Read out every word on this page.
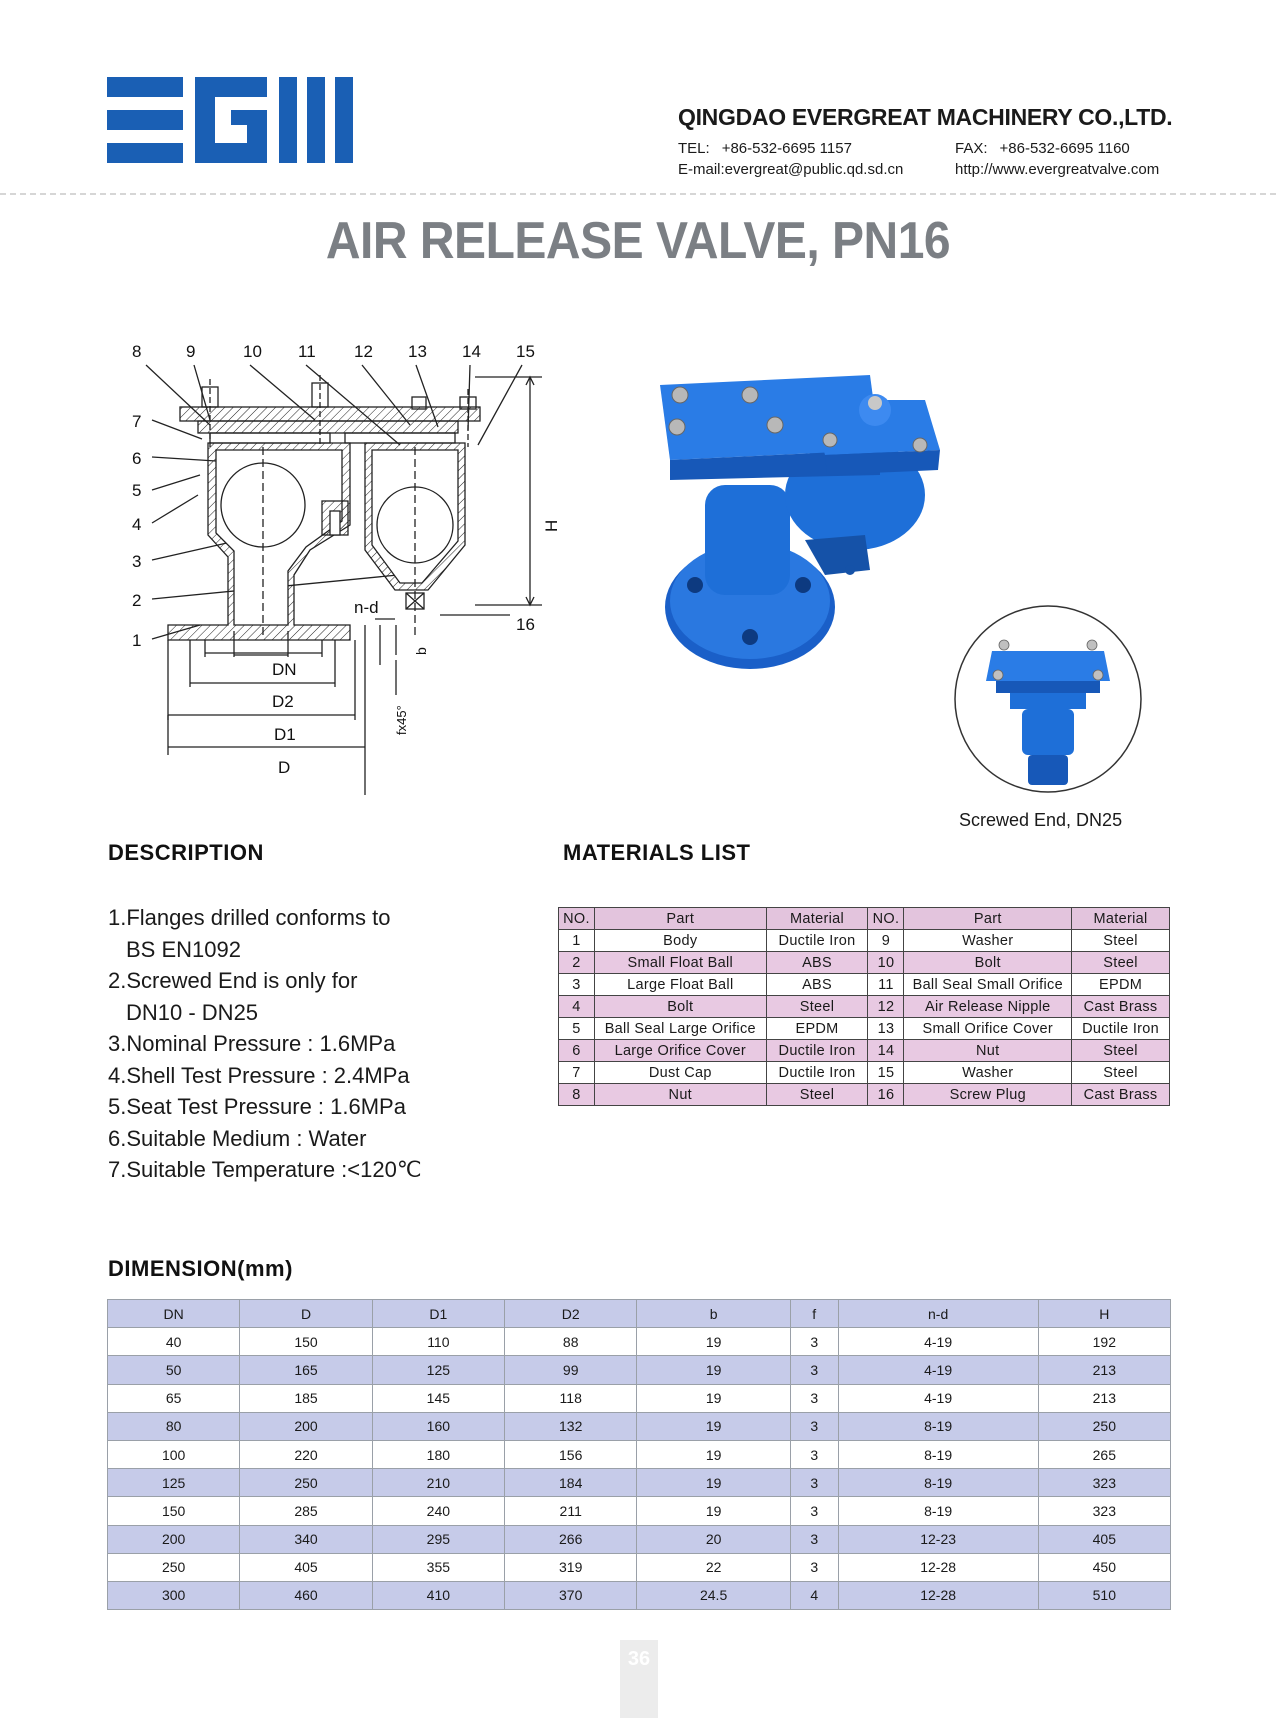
QINGDAO EVERGREAT MACHINERY CO.,LTD.
TEL: +86-532-6695 1157	FAX: +86-532-6695 1160
E-mail:evergreat@public.qd.sd.cn	http://www.evergreatvalve.com
AIR RELEASE VALVE, PN16
8	9	10 11 12 13 14 15
7
6
5
4
3
2
1
16
n-d
DN
D2
D1
D
H
b
fx45°
Screwed End, DN25
DESCRIPTION	MATERIALS LIST
DIMENSION(mm)
1.Flanges drilled conforms to
BS EN1092
2.Screwed End is only for
DN10 - DN25
3.Nominal Pressure : 1.6MPa
4.Shell Test Pressure : 2.4MPa
5.Seat Test Pressure : 1.6MPa
6.Suitable Medium : Water
7.Suitable Temperature :<120℃
NO.	Part	Material	NO.	Part	Material
1	Body	Ductile Iron	9	Washer	Steel
2	Small Float Ball	ABS	10	Bolt	Steel
3	Large Float Ball	ABS	11	Ball Seal Small Orifice	EPDM
4	Bolt	Steel	12	Air Release Nipple	Cast Brass
5	Ball Seal Large Orifice	EPDM	13	Small Orifice Cover	Ductile Iron
6	Large Orifice Cover	Ductile Iron	14	Nut	Steel
7	Dust Cap	Ductile Iron	15	Washer	Steel
8	Nut	Steel	16	Screw Plug	Cast Brass
DN	D	D1	D2	b	f	n-d	H
40	150	110	88	19	3	4-19	192
50	165	125	99	19	3	4-19	213
65	185	145	118	19	3	4-19	213
80	200	160	132	19	3	8-19	250
100	220	180	156	19	3	8-19	265
125	250	210	184	19	3	8-19	323
150	285	240	211	19	3	8-19	323
200	340	295	266	20	3	12-23	405
250	405	355	319	22	3	12-28	450
300	460	410	370	24.5	4	12-28	510
36
